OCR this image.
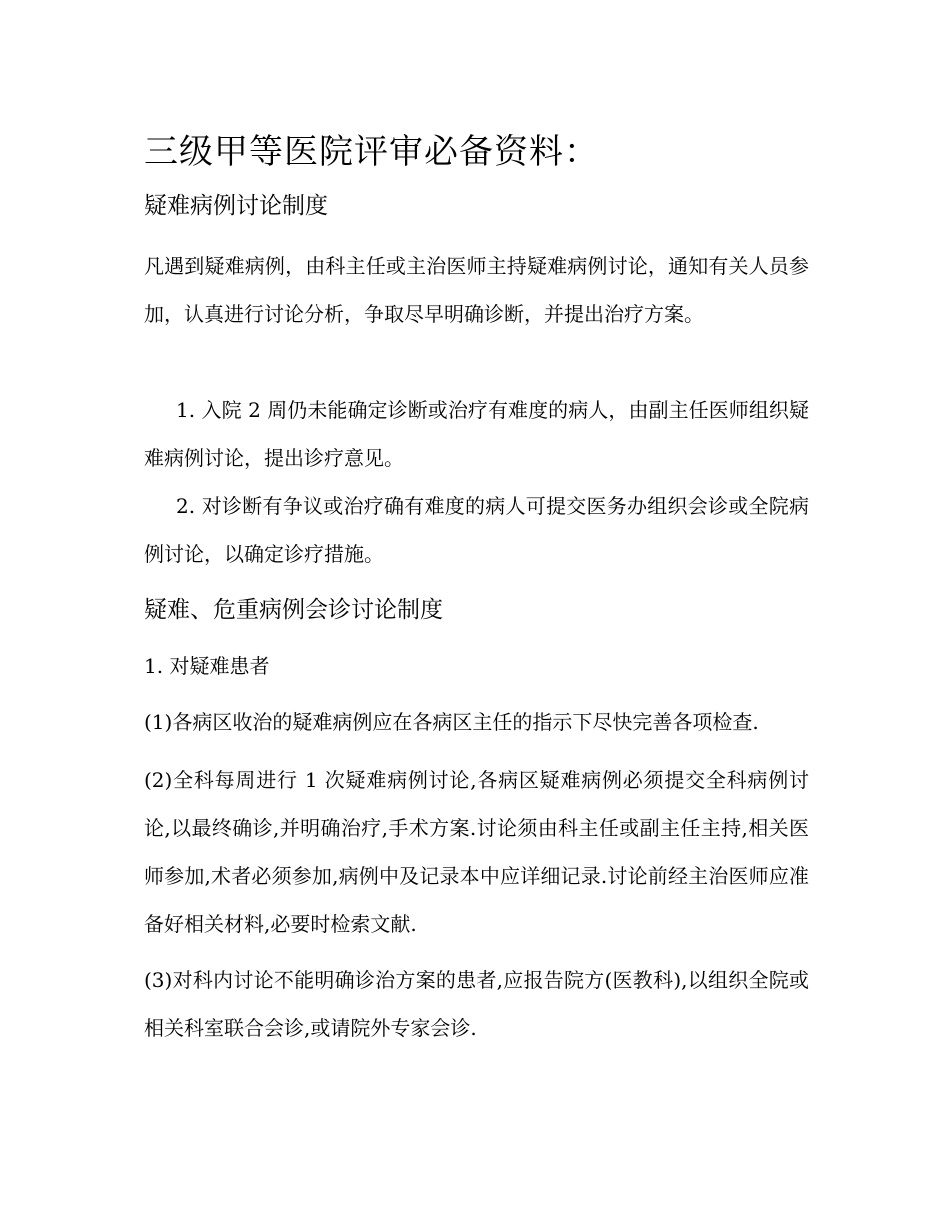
三级甲等医院评审必备资料：
疑难病例讨论制度
凡遇到疑难病例，由科主任或主治医师主持疑难病例讨论，通知有关人员参加，认真进行讨论分析，争取尽早明确诊断，并提出治疗方案。
1. 入院 2 周仍未能确定诊断或治疗有难度的病人，由副主任医师组织疑难病例讨论，提出诊疗意见。
2. 对诊断有争议或治疗确有难度的病人可提交医务办组织会诊或全院病例讨论，以确定诊疗措施。
疑难、危重病例会诊讨论制度
1. 对疑难患者
(1)各病区收治的疑难病例应在各病区主任的指示下尽快完善各项检查.
(2)全科每周进行 1 次疑难病例讨论,各病区疑难病例必须提交全科病例讨论,以最终确诊,并明确治疗,手术方案.讨论须由科主任或副主任主持,相关医师参加,术者必须参加,病例中及记录本中应详细记录.讨论前经主治医师应准备好相关材料,必要时检索文献.
(3)对科内讨论不能明确诊治方案的患者,应报告院方(医教科),以组织全院或相关科室联合会诊,或请院外专家会诊.
